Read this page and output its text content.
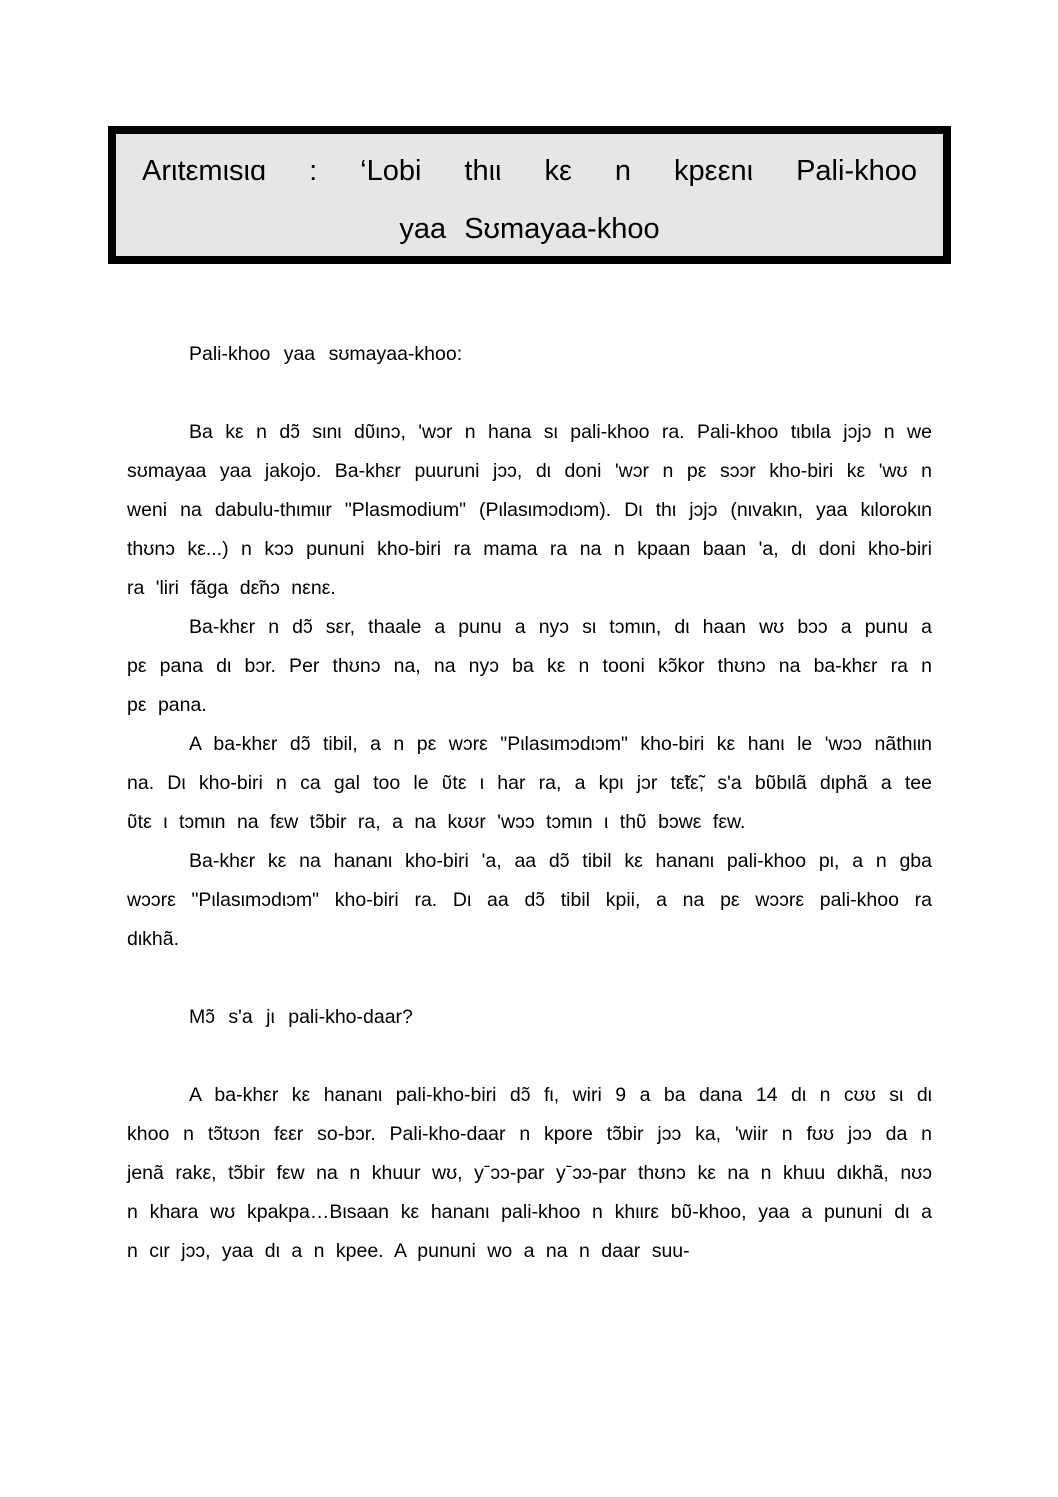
Arιtεmιsιɑ : ‘Lobi thιι kε n kpεεnι Pali-khoo
yaa Sʊmayaa-khoo

Pali-khoo yaa sʊmayaa-khoo:

Ba kε n dɔ̃ sιnι dʋ̃ιnɔ, 'wɔr n hana sι pali-khoo ra. Pali-khoo tιbιla jɔjɔ n we sʊmayaa yaa jakojo. Ba-khεr puuruni jɔɔ, dι doni 'wɔr n pε sɔɔr kho-biri kε 'wʊ n weni na dabulu-thιmιιr "Plasmodium" (Pιlasιmɔdιɔm). Dι thι jɔjɔ (nιvakιn, yaa kιlorokιn thʊnɔ kε...) n kɔɔ pununi kho-biri ra mama ra na n kpaan baan 'a, dι doni kho-biri ra 'liri fãga dε̃nɔ nεnε.

Ba-khεr n dɔ̃ sεr, thaale a punu a nyɔ sι tɔmιn, dι haan wʊ bɔɔ a punu a pε pana dι bɔr. Per thʊnɔ na, na nyɔ ba kε n tooni kɔ̃kor thʊnɔ na ba-khεr ra n pε pana.

A ba-khεr dɔ̃ tibil, a n pε wɔrε "Pιlasιmɔdιɔm" kho-biri kε hanι le 'wɔɔ nãthιιn na. Dι kho-biri n ca gal too le ʋ̃tε ι har ra, a kpι jɔr tε̃tε̃, s'a bʋ̃bιlã dιphã a tee ʋ̃tε ι tɔmιn na fεw tɔ̃bir ra, a na kʊʊr 'wɔɔ tɔmιn ι thʋ̃ bɔwε fεw.

Ba-khεr kε na hananι kho-biri 'a, aa dɔ̃ tibil kε hananι pali-khoo pι, a n gba wɔɔrε "Pιlasιmɔdιɔm" kho-biri ra. Dι aa dɔ̃ tibil kpii, a na pε wɔɔrε pali-khoo ra dιkhã.

Mɔ̃ s'a jι pali-kho-daar?

A ba-khεr kε hananι pali-kho-biri dɔ̃ fι, wiri 9 a ba dana 14 dι n cʊʊ sι dι khoo n tɔ̃tʊɔn fεεr so-bɔr. Pali-kho-daar n kpore tɔ̃bir jɔɔ ka, 'wiir n fʊʊ jɔɔ da n jenã rakε, tɔ̃bir fεw na n khuur wʊ, yˉɔɔ-par yˉɔɔ-par thʊnɔ kε na n khuu dιkhã, nʊɔ n khara wʊ kpakpa…Bιsaan kε hananι pali-khoo n khιιrε bʋ̃-khoo, yaa a pununi dι a n cιr jɔɔ, yaa dι a n kpee. A pununi wo a na n daar suu-
